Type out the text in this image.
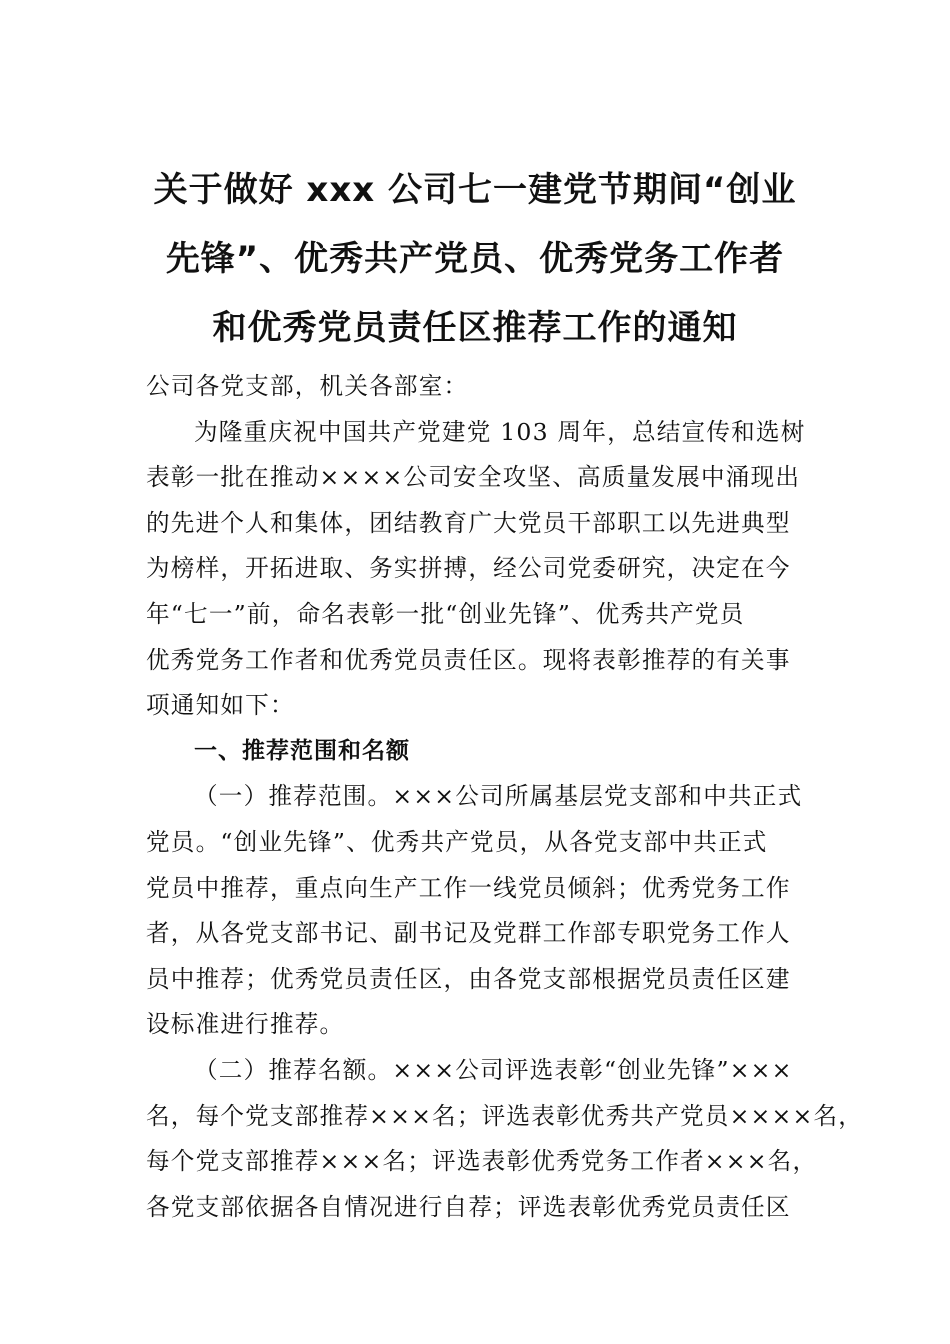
关于做好 xxx 公司七一建党节期间“创业
先锋”、优秀共产党员、优秀党务工作者
和优秀党员责任区推荐工作的通知
公司各党支部，机关各部室：
为隆重庆祝中国共产党建党 103 周年，总结宣传和选树
表彰一批在推动××××公司安全攻坚、高质量发展中涌现出
的先进个人和集体，团结教育广大党员干部职工以先进典型
为榜样，开拓进取、务实拼搏，经公司党委研究，决定在今
年“七一”前，命名表彰一批“创业先锋”、优秀共产党员
优秀党务工作者和优秀党员责任区。现将表彰推荐的有关事
项通知如下：
一、推荐范围和名额
（一）推荐范围。×××公司所属基层党支部和中共正式
党员。“创业先锋”、优秀共产党员，从各党支部中共正式
党员中推荐，重点向生产工作一线党员倾斜；优秀党务工作
者，从各党支部书记、副书记及党群工作部专职党务工作人
员中推荐；优秀党员责任区，由各党支部根据党员责任区建
设标准进行推荐。
（二）推荐名额。×××公司评选表彰“创业先锋”×××
名，每个党支部推荐×××名；评选表彰优秀共产党员××××名，
每个党支部推荐×××名；评选表彰优秀党务工作者×××名，
各党支部依据各自情况进行自荐；评选表彰优秀党员责任区
